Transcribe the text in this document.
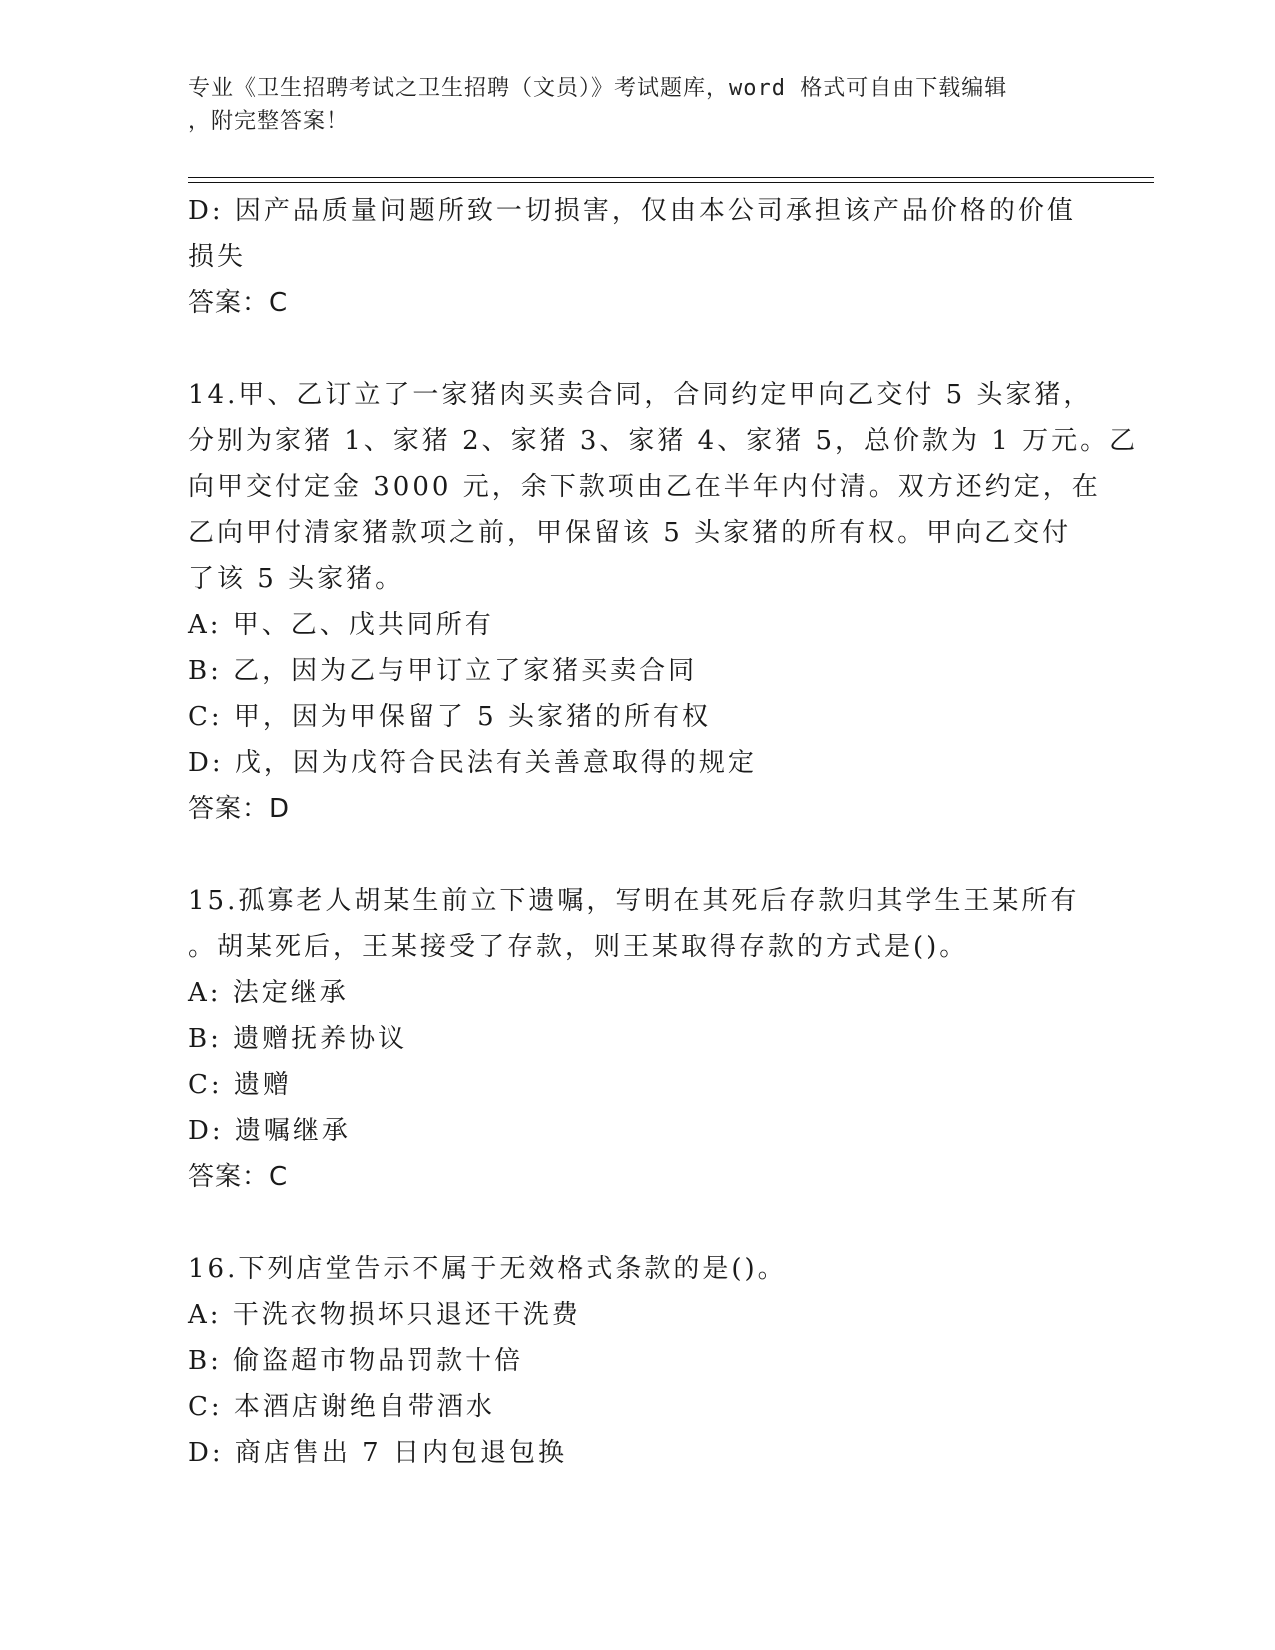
专业《卫生招聘考试之卫生招聘（文员）》考试题库，word 格式可自由下载编辑
，附完整答案！
D: 因产品质量问题所致一切损害，仅由本公司承担该产品价格的价值
损失
答案：C
14.甲、乙订立了一家猪肉买卖合同，合同约定甲向乙交付 5 头家猪，
分别为家猪 1、家猪 2、家猪 3、家猪 4、家猪 5，总价款为 1 万元。乙
向甲交付定金 3000 元，余下款项由乙在半年内付清。双方还约定，在
乙向甲付清家猪款项之前，甲保留该 5 头家猪的所有权。甲向乙交付
了该 5 头家猪。
A: 甲、乙、戊共同所有
B: 乙，因为乙与甲订立了家猪买卖合同
C: 甲，因为甲保留了 5 头家猪的所有权
D: 戊，因为戊符合民法有关善意取得的规定
答案：D
15.孤寡老人胡某生前立下遗嘱，写明在其死后存款归其学生王某所有
。胡某死后，王某接受了存款，则王某取得存款的方式是()。
A: 法定继承
B: 遗赠抚养协议
C: 遗赠
D: 遗嘱继承
答案：C
16.下列店堂告示不属于无效格式条款的是()。
A: 干洗衣物损坏只退还干洗费
B: 偷盗超市物品罚款十倍
C: 本酒店谢绝自带酒水
D: 商店售出 7 日内包退包换
